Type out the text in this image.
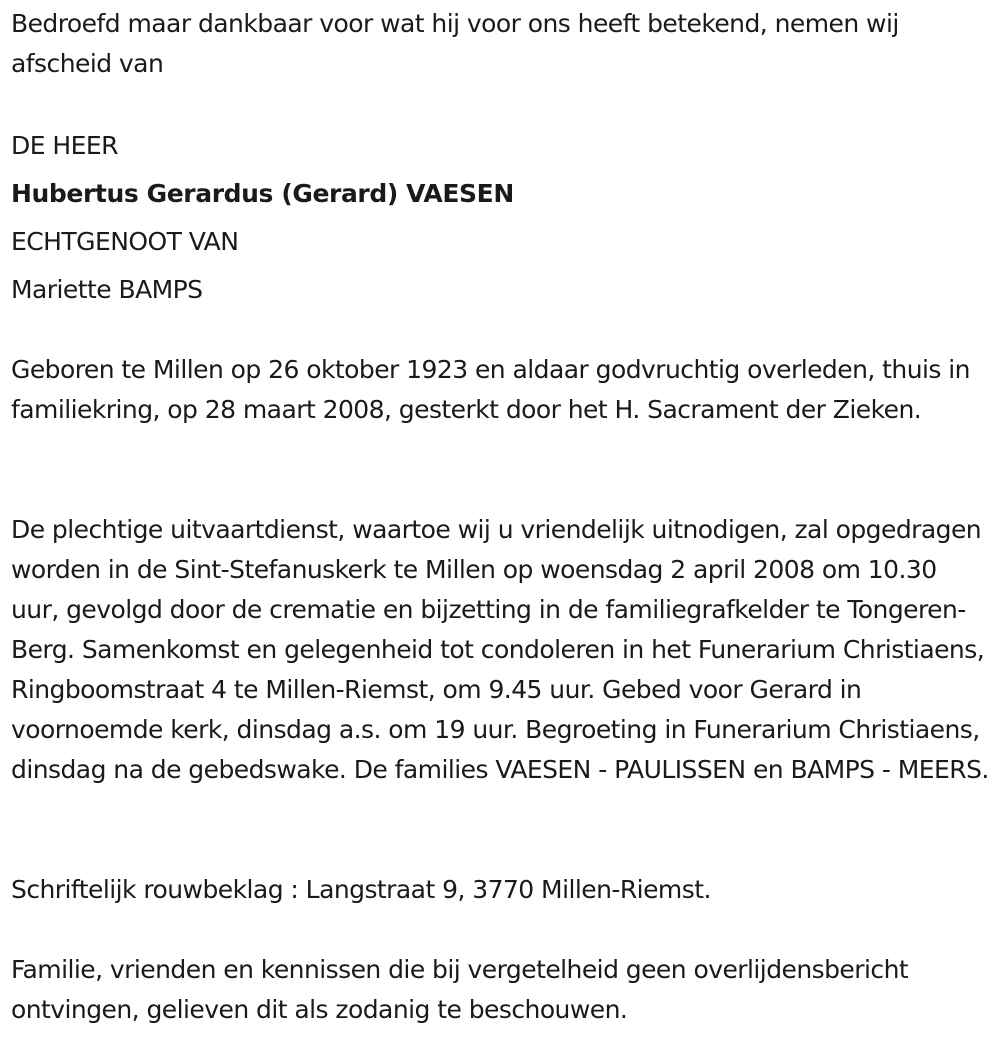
Bedroefd maar dankbaar voor wat hij voor ons heeft betekend, nemen wij afscheid van

DE HEER

Hubertus Gerardus (Gerard) VAESEN

ECHTGENOOT VAN

Mariette BAMPS

Geboren te Millen op 26 oktober 1923 en aldaar godvruchtig overleden, thuis in familiekring, op 28 maart 2008, gesterkt door het H. Sacrament der Zieken.

De plechtige uitvaartdienst, waartoe wij u vriendelijk uitnodigen, zal opgedragen worden in de Sint-Stefanuskerk te Millen op woensdag 2 april 2008 om 10.30 uur, gevolgd door de crematie en bijzetting in de familiegrafkelder te Tongeren-Berg. Samenkomst en gelegenheid tot condoleren in het Funerarium Christiaens, Ringboomstraat 4 te Millen-Riemst, om 9.45 uur. Gebed voor Gerard in voornoemde kerk, dinsdag a.s. om 19 uur. Begroeting in Funerarium Christiaens, dinsdag na de gebedswake. De families VAESEN - PAULISSEN en BAMPS - MEERS.

Schriftelijk rouwbeklag : Langstraat 9, 3770 Millen-Riemst.

Familie, vrienden en kennissen die bij vergetelheid geen overlijdensbericht ontvingen, gelieven dit als zodanig te beschouwen.
